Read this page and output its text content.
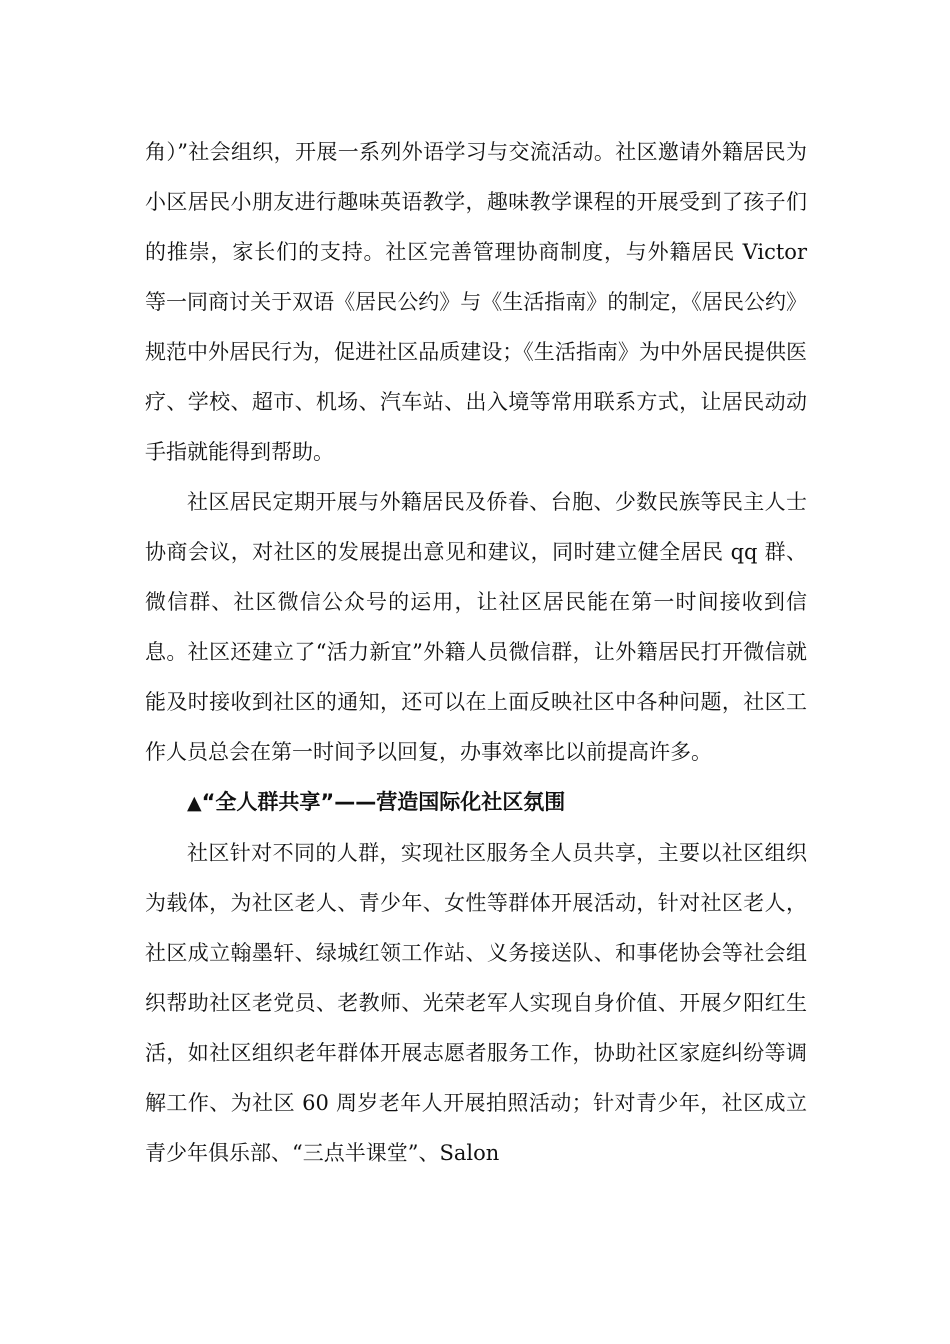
角）”社会组织，开展一系列外语学习与交流活动。社区邀请外籍居民为小区居民小朋友进行趣味英语教学，趣味教学课程的开展受到了孩子们的推崇，家长们的支持。社区完善管理协商制度，与外籍居民 Victor 等一同商讨关于双语《居民公约》与《生活指南》的制定，《居民公约》规范中外居民行为，促进社区品质建设；《生活指南》为中外居民提供医疗、学校、超市、机场、汽车站、出入境等常用联系方式，让居民动动手指就能得到帮助。

社区居民定期开展与外籍居民及侨眷、台胞、少数民族等民主人士协商会议，对社区的发展提出意见和建议，同时建立健全居民 qq 群、微信群、社区微信公众号的运用，让社区居民能在第一时间接收到信息。社区还建立了“活力新宜”外籍人员微信群，让外籍居民打开微信就能及时接收到社区的通知，还可以在上面反映社区中各种问题，社区工作人员总会在第一时间予以回复，办事效率比以前提高许多。

▲“全人群共享”——营造国际化社区氛围

社区针对不同的人群，实现社区服务全人员共享，主要以社区组织为载体，为社区老人、青少年、女性等群体开展活动，针对社区老人，社区成立翰墨轩、绿城红领工作站、义务接送队、和事佬协会等社会组织帮助社区老党员、老教师、光荣老军人实现自身价值、开展夕阳红生活，如社区组织老年群体开展志愿者服务工作，协助社区家庭纠纷等调解工作、为社区 60 周岁老年人开展拍照活动；针对青少年，社区成立青少年俱乐部、“三点半课堂”、Salon
